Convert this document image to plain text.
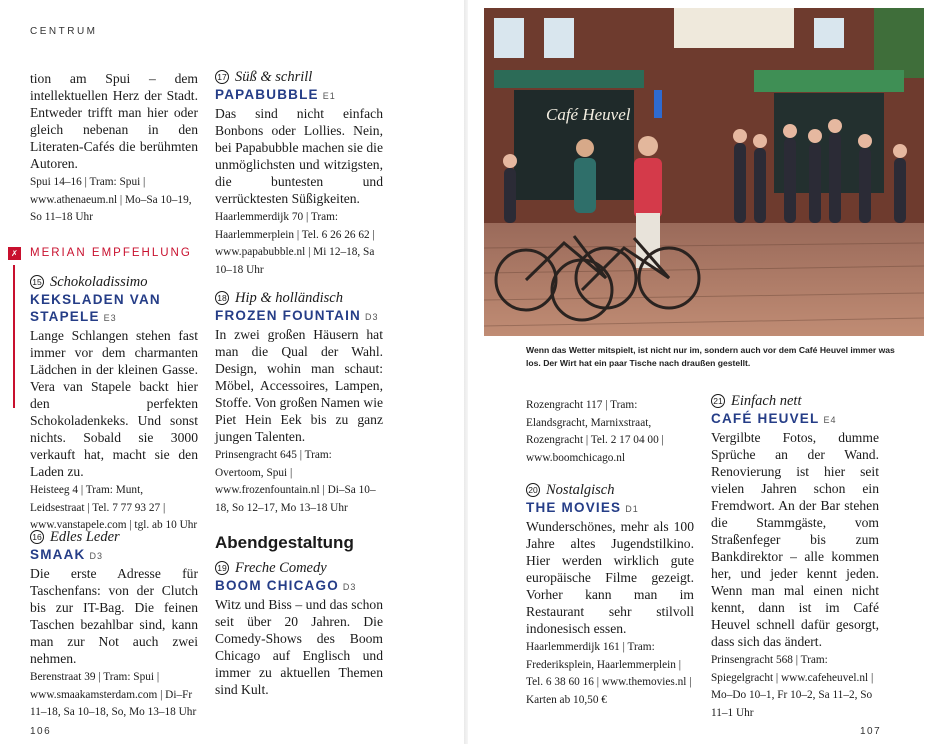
CENTRUM

tion am Spui – dem intellektuellen Herz der Stadt. Entweder trifft man hier oder gleich nebenan in den Literaten-Cafés die berühmten Autoren.

Spui 14–16 | Tram: Spui | www.athenaeum.nl | Mo–Sa 10–19, So 11–18 Uhr

✗ MERIAN EMPFEHLUNG
15 Schokoladissimo
KEKSLADEN VAN STAPELE E3

Lange Schlangen stehen fast immer vor dem charmanten Lädchen in der kleinen Gasse. Vera van Stapele backt hier den perfekten Schokoladenkeks. Und sonst nichts. Sobald sie 3000 verkauft hat, macht sie den Laden zu.

Heisteeg 4 | Tram: Munt, Leidsestraat | Tel. 7 77 93 27 | www.vanstapele.com | tgl. ab 10 Uhr

16 Edles Leder
SMAAK D3

Die erste Adresse für Taschenfans: von der Clutch bis zur IT-Bag. Die feinen Taschen bezahlbar sind, kann man zur Not auch zwei nehmen.

Berenstraat 39 | Tram: Spui | www.smaakamsterdam.com | Di–Fr 11–18, Sa 10–18, So, Mo 13–18 Uhr

17 Süß & schrill
PAPABUBBLE E1

Das sind nicht einfach Bonbons oder Lollies. Nein, bei Papabubble machen sie die unmöglichsten und witzigsten, die buntesten und verrücktesten Süßigkeiten.

Haarlemmerdijk 70 | Tram: Haarlemmerplein | Tel. 6 26 26 62 | www.papabubble.nl | Mi 12–18, Sa 10–18 Uhr

18 Hip & holländisch
FROZEN FOUNTAIN D3

In zwei großen Häusern hat man die Qual der Wahl. Design, wohin man schaut: Möbel, Accessoires, Lampen, Stoffe. Von großen Namen wie Piet Hein Eek bis zu ganz jungen Talenten.

Prinsengracht 645 | Tram: Overtoom, Spui | www.frozenfountain.nl | Di–Sa 10–18, So 12–17, Mo 13–18 Uhr

Abendgestaltung
19 Freche Comedy
BOOM CHICAGO D3

Witz und Biss – und das schon seit über 20 Jahren. Die Comedy-Shows des Boom Chicago auf Englisch und immer zu aktuellen Themen sind Kult.

106
Café Heuvel
Wenn das Wetter mitspielt, ist nicht nur im, sondern auch vor dem Café Heuvel immer was los. Der Wirt hat ein paar Tische nach draußen gestellt.

Rozengracht 117 | Tram: Elandsgracht, Marnixstraat, Rozengracht | Tel. 2 17 04 00 | www.boomchicago.nl

20 Nostalgisch
THE MOVIES D1

Wunderschönes, mehr als 100 Jahre altes Jugendstilkino. Hier werden wirklich gute europäische Filme gezeigt. Vorher kann man im Restaurant sehr stilvoll indonesisch essen.

Haarlemmerdijk 161 | Tram: Frederiksplein, Haarlemmerplein | Tel. 6 38 60 16 | www.themovies.nl | Karten ab 10,50 €

21 Einfach nett
CAFÉ HEUVEL E4

Vergilbte Fotos, dumme Sprüche an der Wand. Renovierung ist hier seit vielen Jahren schon ein Fremdwort. An der Bar stehen die Stammgäste, vom Straßenfeger bis zum Bankdirektor – alle kommen her, und jeder kennt jeden. Wenn man mal einen nicht kennt, dann ist im Café Heuvel schnell dafür gesorgt, dass sich das ändert.

Prinsengracht 568 | Tram: Spiegelgracht | www.cafeheuvel.nl | Mo–Do 10–1, Fr 10–2, Sa 11–2, So 11–1 Uhr

107
